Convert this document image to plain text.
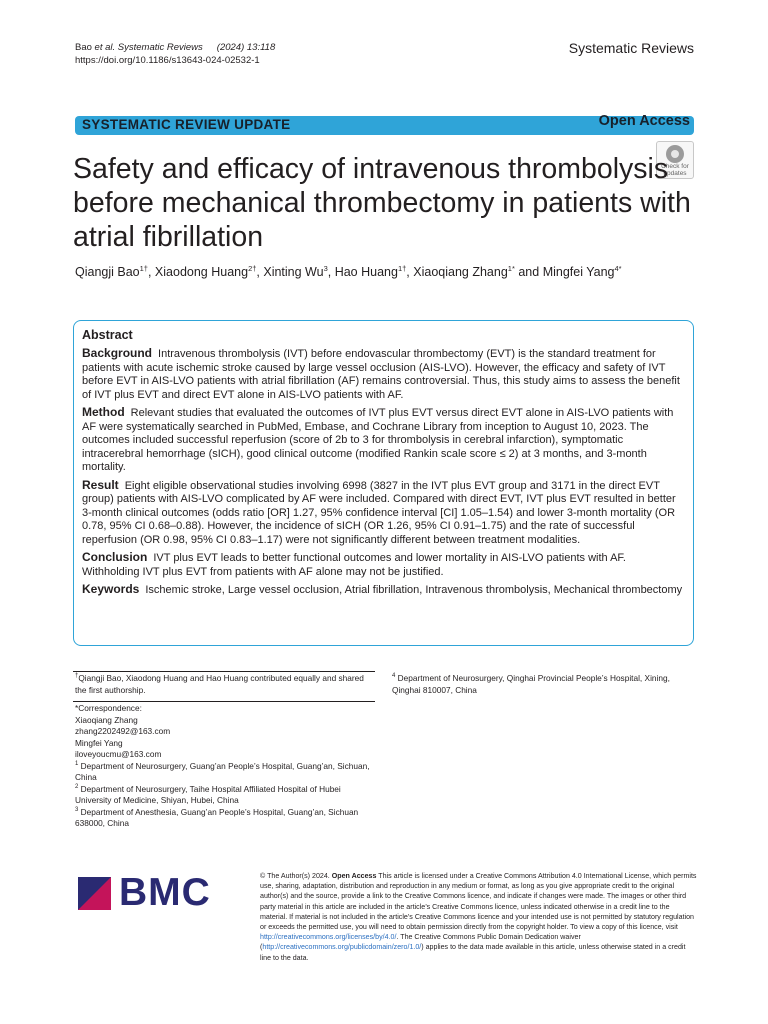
Bao et al. Systematic Reviews (2024) 13:118
https://doi.org/10.1186/s13643-024-02532-1
Systematic Reviews
SYSTEMATIC REVIEW UPDATE	Open Access
Check for
updates
Safety and efficacy of intravenous thrombolysis before mechanical thrombectomy in patients with atrial fibrillation
Qiangji Bao$^{1\dagger}$, Xiaodong Huang$^{2\dagger}$, Xinting Wu$^3$, Hao Huang$^{1\dagger}$, Xiaoqiang Zhang$^{1*}$ and Mingfei Yang$^{4*}$
Abstract

Background Intravenous thrombolysis (IVT) before endovascular thrombectomy (EVT) is the standard treatment for patients with acute ischemic stroke caused by large vessel occlusion (AIS-LVO). However, the efficacy and safety of IVT before EVT in AIS-LVO patients with atrial fibrillation (AF) remains controversial. Thus, this study aims to assess the benefit of IVT plus EVT and direct EVT alone in AIS-LVO patients with AF.

Method Relevant studies that evaluated the outcomes of IVT plus EVT versus direct EVT alone in AIS-LVO patients with AF were systematically searched in PubMed, Embase, and Cochrane Library from inception to August 10, 2023. The outcomes included successful reperfusion (score of 2b to 3 for thrombolysis in cerebral infarction), symptomatic intracerebral hemorrhage (sICH), good clinical outcome (modified Rankin scale score ≤ 2) at 3 months, and 3-month mortality.

Result Eight eligible observational studies involving 6998 (3827 in the IVT plus EVT group and 3171 in the direct EVT group) patients with AIS-LVO complicated by AF were included. Compared with direct EVT, IVT plus EVT resulted in better 3-month clinical outcomes (odds ratio [OR] 1.27, 95% confidence interval [CI] 1.05–1.54) and lower 3-month mortality (OR 0.78, 95% CI 0.68–0.88). However, the incidence of sICH (OR 1.26, 95% CI 0.91–1.75) and the rate of successful reperfusion (OR 0.98, 95% CI 0.83–1.17) were not significantly different between treatment modalities.

Conclusion IVT plus EVT leads to better functional outcomes and lower mortality in AIS-LVO patients with AF. Withholding IVT plus EVT from patients with AF alone may not be justified.

Keywords Ischemic stroke, Large vessel occlusion, Atrial fibrillation, Intravenous thrombolysis, Mechanical thrombectomy

†Qiangji Bao, Xiaodong Huang and Hao Huang contributed equally and shared the first authorship.
*Correspondence:
Xiaoqiang Zhang
zhang2202492@163.com
Mingfei Yang
iloveyoucmu@163.com
$^1$ Department of Neurosurgery, Guang’an People’s Hospital, Guang’an, Sichuan, China
$^2$ Department of Neurosurgery, Taihe Hospital Affiliated Hospital of Hubei University of Medicine, Shiyan, Hubei, China
$^3$ Department of Anesthesia, Guang’an People’s Hospital, Guang’an, Sichuan 638000, China
$^4$ Department of Neurosurgery, Qinghai Provincial People’s Hospital, Xining, Qinghai 810007, China
BMC	© The Author(s) 2024. Open Access This article is licensed under a Creative Commons Attribution 4.0 International License, which permits use, sharing, adaptation, distribution and reproduction in any medium or format, as long as you give appropriate credit to the original author(s) and the source, provide a link to the Creative Commons licence, and indicate if changes were made. The images or other third party material in this article are included in the article’s Creative Commons licence, unless indicated otherwise in a credit line to the material. If material is not included in the article’s Creative Commons licence and your intended use is not permitted by statutory regulation or exceeds the permitted use, you will need to obtain permission directly from the copyright holder. To view a copy of this licence, visit http://creativecommons.org/licenses/by/4.0/. The Creative Commons Public Domain Dedication waiver (http://creativecommons.org/publicdomain/zero/1.0/) applies to the data made available in this article, unless otherwise stated in a credit line to the data.
